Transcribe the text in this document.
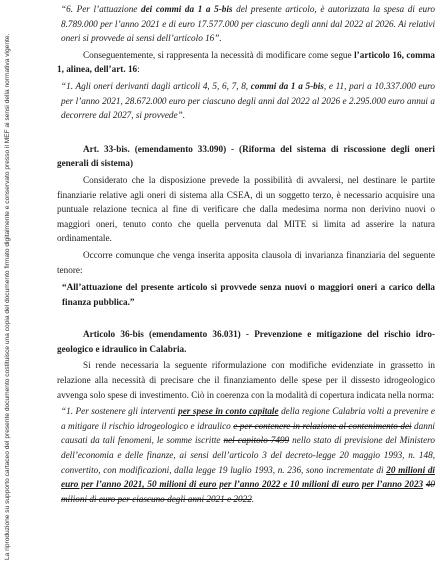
La riproduzione su supporto cartaceo del presente documento costituisce una copia del documento firmato digitalmente e conservato presso il MEF ai sensi della normativa vigente.

“6. Per l’attuazione dei commi da 1 a 5-bis del presente articolo, è autorizzata la spesa di euro 8.789.000 per l’anno 2021 e di euro 17.577.000 per ciascuno degli anni dal 2022 al 2026. Ai relativi oneri si provvede ai sensi dell’articolo 16”.

Conseguentemente, si rappresenta la necessità di modificare come segue l’articolo 16, comma 1, alinea, dell’art. 16:

“1. Agli oneri derivanti dagli articoli 4, 5, 6, 7, 8, commi da 1 a 5-bis, e 11, pari a 10.337.000 euro per l’anno 2021, 28.672.000 euro per ciascuno degli anni dal 2022 al 2026 e 2.295.000 euro annui a decorrere dal 2027, si provvede”.

Art. 33-bis. (emendamento 33.090) - (Riforma del sistema di riscossione degli oneri generali di sistema)

Considerato che la disposizione prevede la possibilità di avvalersi, nel destinare le partite finanziarie relative agli oneri di sistema alla CSEA, di un soggetto terzo, è necessario acquisire una puntuale relazione tecnica al fine di verificare che dalla medesima norma non derivino nuovi o maggiori oneri, tenuto conto che quella pervenuta dal MITE si limita ad asserire la natura ordinamentale.

Occorre comunque che venga inserita apposita clausola di invarianza finanziaria del seguente tenore:

“All’attuazione del presente articolo si provvede senza nuovi o maggiori oneri a carico della finanza pubblica.”

Articolo 36-bis (emendamento 36.031) - Prevenzione e mitigazione del rischio idro-geologico e idraulico in Calabria.

Si rende necessaria la seguente riformulazione con modifiche evidenziate in grassetto in relazione alla necessità di precisare che il finanziamento delle spese per il dissesto idrogeologico avvenga solo spese di investimento. Ciò in coerenza con la modalità di copertura indicata nella norma:

“1. Per sostenere gli interventi per spese in conto capitale della regione Calabria volti a prevenire e a mitigare il rischio idrogeologico e idraulico e per contenere in relazione al contenimento dei danni causati da tali fenomeni, le somme iscritte nel capitolo 7499 nello stato di previsione del Ministero dell’economia e delle finanze, ai sensi dell’articolo 3 del decreto-legge 20 maggio 1993, n. 148, convertito, con modificazioni, dalla legge 19 luglio 1993, n. 236, sono incrementate di 20 milioni di euro per l’anno 2021, 50 milioni di euro per l’anno 2022 e 10 milioni di euro per l’anno 2023 40 milioni di euro per ciascuno degli anni 2021 e 2022.
